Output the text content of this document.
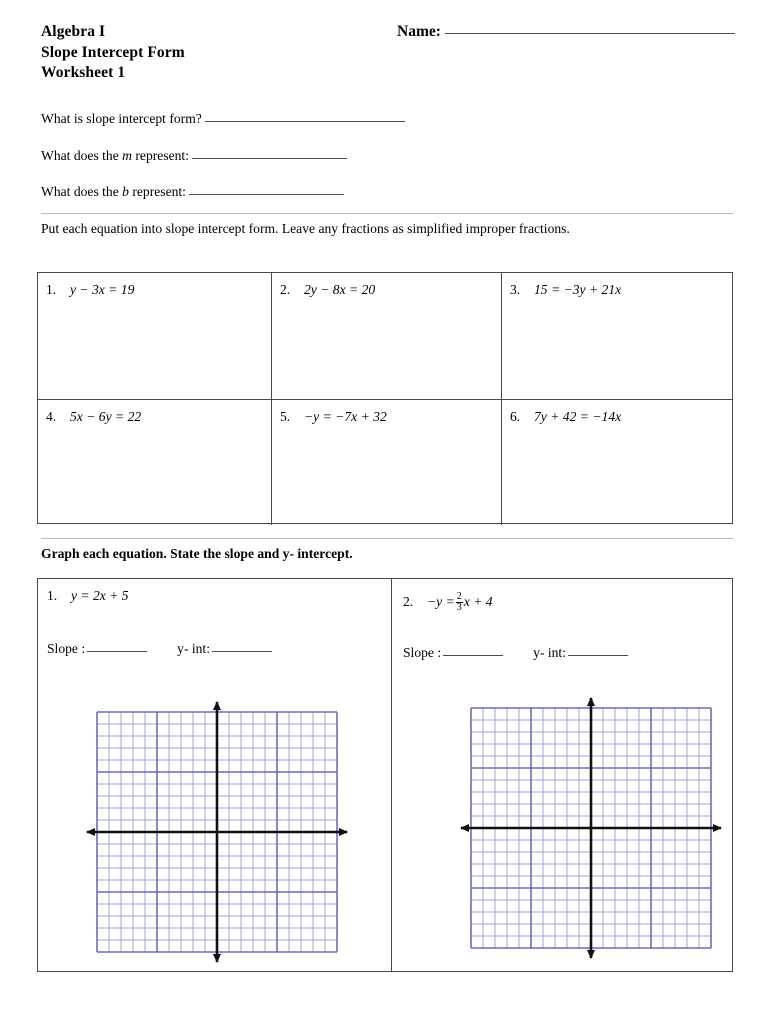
Algebra I
Slope Intercept Form
Worksheet 1
Name:
What is slope intercept form?
What does the m represent:
What does the b represent:
Put each equation into slope intercept form. Leave any fractions as simplified improper fractions.
1. y − 3x = 19	2. 2y − 8x = 20	3. 15 = −3y + 21x
4. 5x − 6y = 22	5. −y = −7x + 32	6. 7y + 42 = −14x
Graph each equation. State the slope and y- intercept.
1. y = 2x + 5
Slope :	y- int:
2. $-y = \frac{2}{3}$ x + 4
Slope :	y- int:
